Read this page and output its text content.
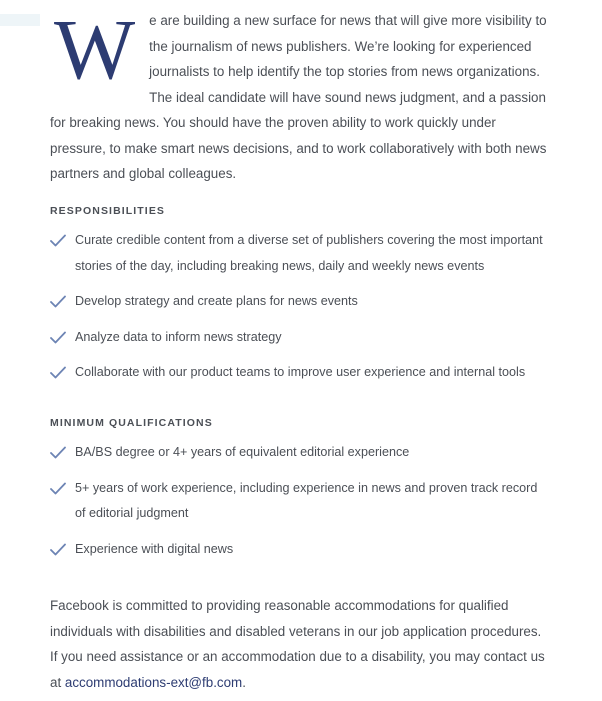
W e are building a new surface for news that will give more visibility to the journalism of news publishers. We’re looking for experienced journalists to help identify the top stories from news organizations. The ideal candidate will have sound news judgment, and a passion for breaking news. You should have the proven ability to work quickly under pressure, to make smart news decisions, and to work collaboratively with both news partners and global colleagues.

RESPONSIBILITIES
Curate credible content from a diverse set of publishers covering the most important stories of the day, including breaking news, daily and weekly news events
Develop strategy and create plans for news events
Analyze data to inform news strategy
Collaborate with our product teams to improve user experience and internal tools
MINIMUM QUALIFICATIONS
BA/BS degree or 4+ years of equivalent editorial experience
5+ years of work experience, including experience in news and proven track record of editorial judgment
Experience with digital news

Facebook is committed to providing reasonable accommodations for qualified individuals with disabilities and disabled veterans in our job application procedures. If you need assistance or an accommodation due to a disability, you may contact us at accommodations-ext@fb.com.
